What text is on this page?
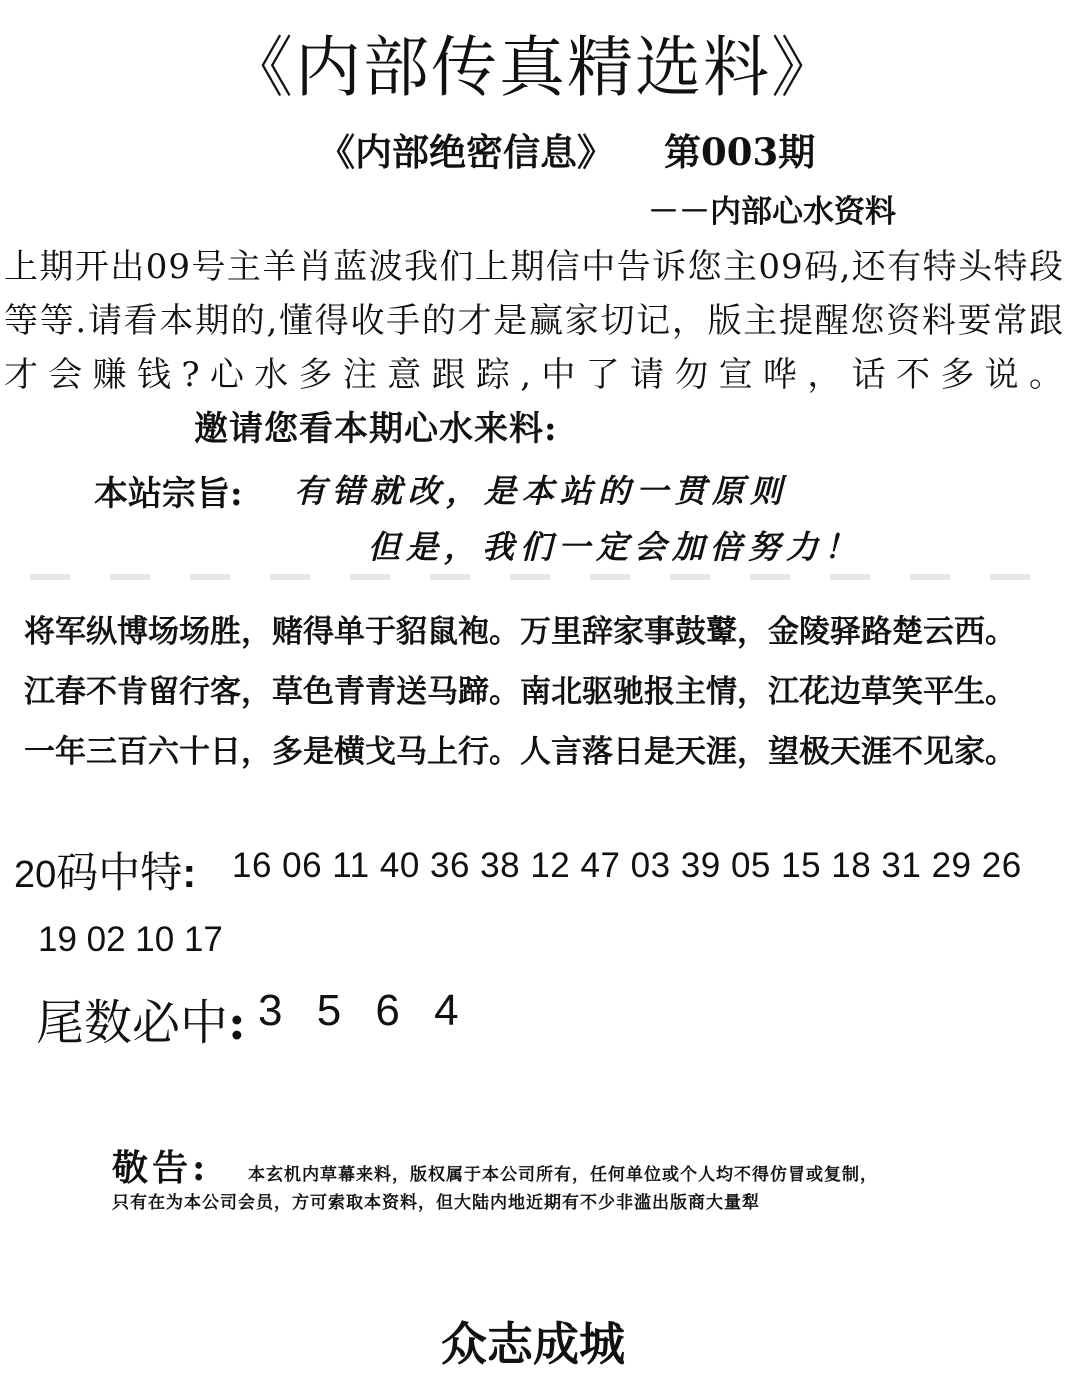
《内部传真精选料》
《内部绝密信息》 第003期
－－内部心水资料
上期开出09号主羊肖蓝波我们上期信中告诉您主09码,还有特头特段等等.请看本期的,懂得收手的才是赢家切记，版主提醒您资料要常跟才会赚钱?心水多注意跟踪,中了请勿宣哗，话不多说。邀请您看本期心水来料:
本站宗旨: 有错就改，是本站的一贯原则
但是，我们一定会加倍努力！
将军纵博场场胜，赌得单于貂鼠袍。万里辞家事鼓鼙，金陵驿路楚云西。
江春不肯留行客，草色青青送马蹄。南北驱驰报主情，江花边草笑平生。
一年三百六十日，多是横戈马上行。人言落日是天涯，望极天涯不见家。
20码中特: 16 06 11 40 36 38 12 47 03 39 05 15 18 31 29 26
19 02 10 17
尾数必中: 3 5 6 4
敬告: 本玄机内草幕来料，版权属于本公司所有，任何单位或个人均不得仿冒或复制，
只有在为本公司会员，方可索取本资料，但大陆内地近期有不少非滥出版商大量犁
众志成城
